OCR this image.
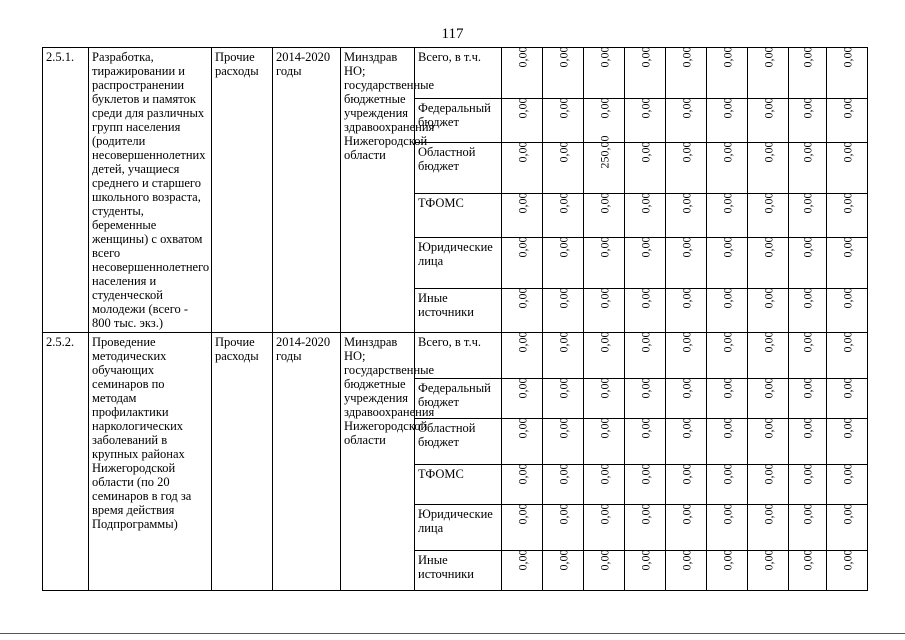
117
2.5.1.	Разработка, тиражировании и распространении буклетов и памяток среди для различных групп населения (родители несовершеннолетних детей, учащиеся среднего и старшего школьного возраста, студенты, беременные женщины) с охватом всего несовершеннолетнего населения и студенческой молодежи (всего - 800 тыс. экз.)	Прочие расходы	2014-2020 годы	Минздрав НО; государственные бюджетные учреждения здравоохранения Нижегородской области	Всего, в т.ч.	0,00	0,00	0,00	0,00	0,00	0,00	0,00	0,00	0,00
					Федеральный бюджет	0,00	0,00	0,00	0,00	0,00	0,00	0,00	0,00	0,00
					Областной бюджет	0,00	0,00	250,00	0,00	0,00	0,00	0,00	0,00	0,00
					ТФОМС	0,00	0,00	0,00	0,00	0,00	0,00	0,00	0,00	0,00
					Юридические лица	0,00	0,00	0,00	0,00	0,00	0,00	0,00	0,00	0,00
					Иные источники	0,00	0,00	0,00	0,00	0,00	0,00	0,00	0,00	0,00
2.5.2.	Проведение методических обучающих семинаров по методам профилактики наркологических заболеваний в крупных районах Нижегородской области (по 20 семинаров в год за время действия Подпрограммы)	Прочие расходы	2014-2020 годы	Минздрав НО; государственные бюджетные учреждения здравоохранения Нижегородской области	Всего, в т.ч.	0,00	0,00	0,00	0,00	0,00	0,00	0,00	0,00	0,00
					Федеральный бюджет	0,00	0,00	0,00	0,00	0,00	0,00	0,00	0,00	0,00
					Областной бюджет	0,00	0,00	0,00	0,00	0,00	0,00	0,00	0,00	0,00
					ТФОМС	0,00	0,00	0,00	0,00	0,00	0,00	0,00	0,00	0,00
					Юридические лица	0,00	0,00	0,00	0,00	0,00	0,00	0,00	0,00	0,00
					Иные источники	0,00	0,00	0,00	0,00	0,00	0,00	0,00	0,00	0,00
